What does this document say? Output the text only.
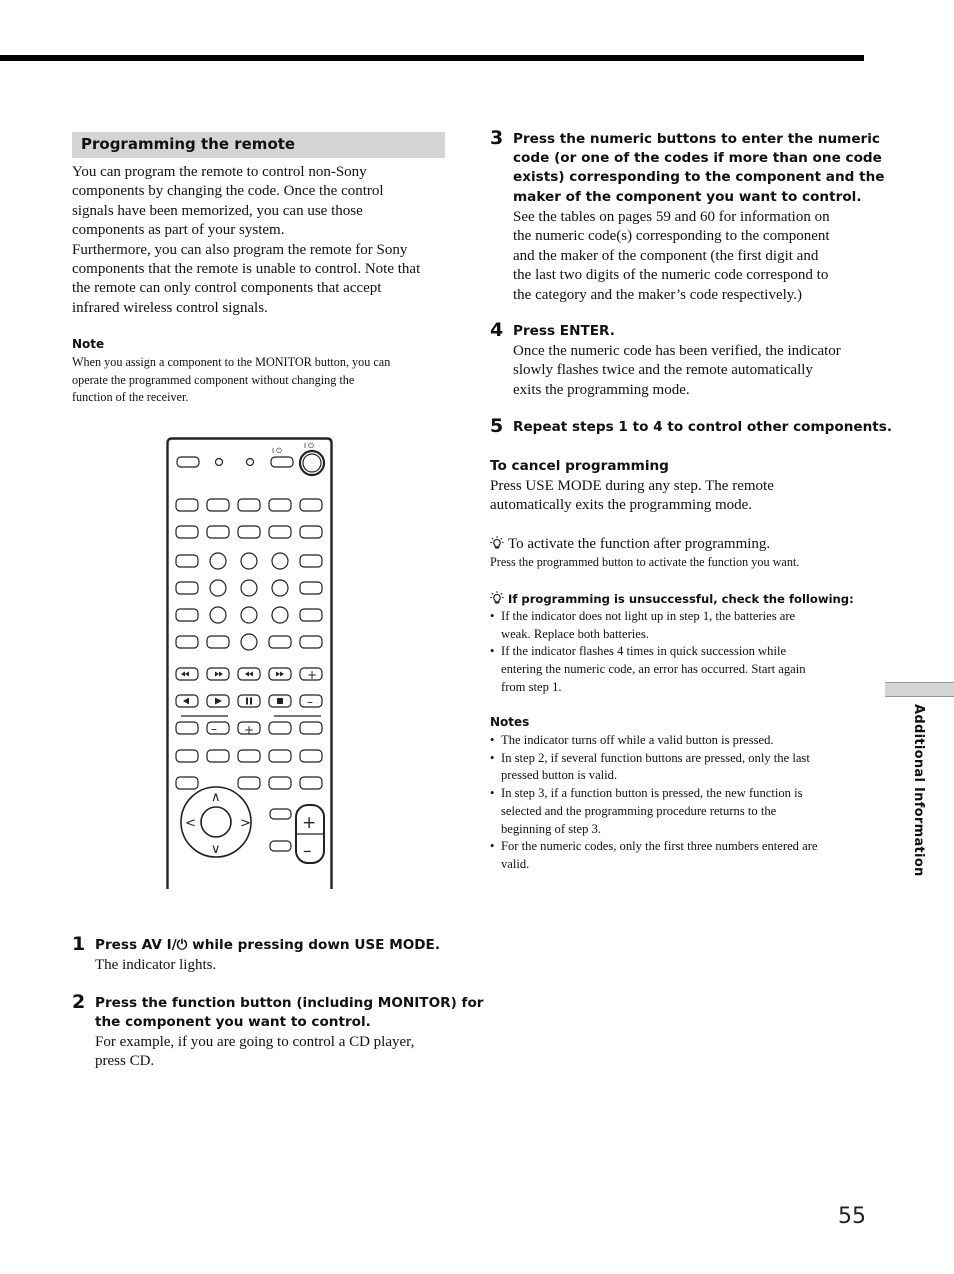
Programming the remote
You can program the remote to control non-Sony
components by changing the code. Once the control
signals have been memorized, you can use those
components as part of your system.
Furthermore, you can also program the remote for Sony
components that the remote is unable to control. Note that
the remote can only control components that accept
infrared wireless control signals.
Note
When you assign a component to the MONITOR button, you can
operate the programmed component without changing the
function of the receiver.
I ⏻
I ⏻
+
–
– +
∧
∨
<	>	+
–
1 Press AV I/⏻ while pressing down USE MODE.
The indicator lights.
2 Press the function button (including MONITOR) for
the component you want to control.
For example, if you are going to control a CD player,
press CD.
3 Press the numeric buttons to enter the numeric
code (or one of the codes if more than one code
exists) corresponding to the component and the
maker of the component you want to control.
See the tables on pages 59 and 60 for information on
the numeric code(s) corresponding to the component
and the maker of the component (the first digit and
the last two digits of the numeric code correspond to
the category and the maker’s code respectively.)
4 Press ENTER.
Once the numeric code has been verified, the indicator
slowly flashes twice and the remote automatically
exits the programming mode.
5 Repeat steps 1 to 4 to control other components.
To cancel programming
Press USE MODE during any step. The remote
automatically exits the programming mode.
To activate the function after programming.
Press the programmed button to activate the function you want.
If programming is unsuccessful, check the following:
• If the indicator does not light up in step 1, the batteries are
weak. Replace both batteries.
• If the indicator flashes 4 times in quick succession while
entering the numeric code, an error has occurred. Start again
from step 1.
Notes
• The indicator turns off while a valid button is pressed.
• In step 2, if several function buttons are pressed, only the last
pressed button is valid.
• In step 3, if a function button is pressed, the new function is
selected and the programming procedure returns to the
beginning of step 3.
• For the numeric codes, only the first three numbers entered are
valid.	Additional Information
55
